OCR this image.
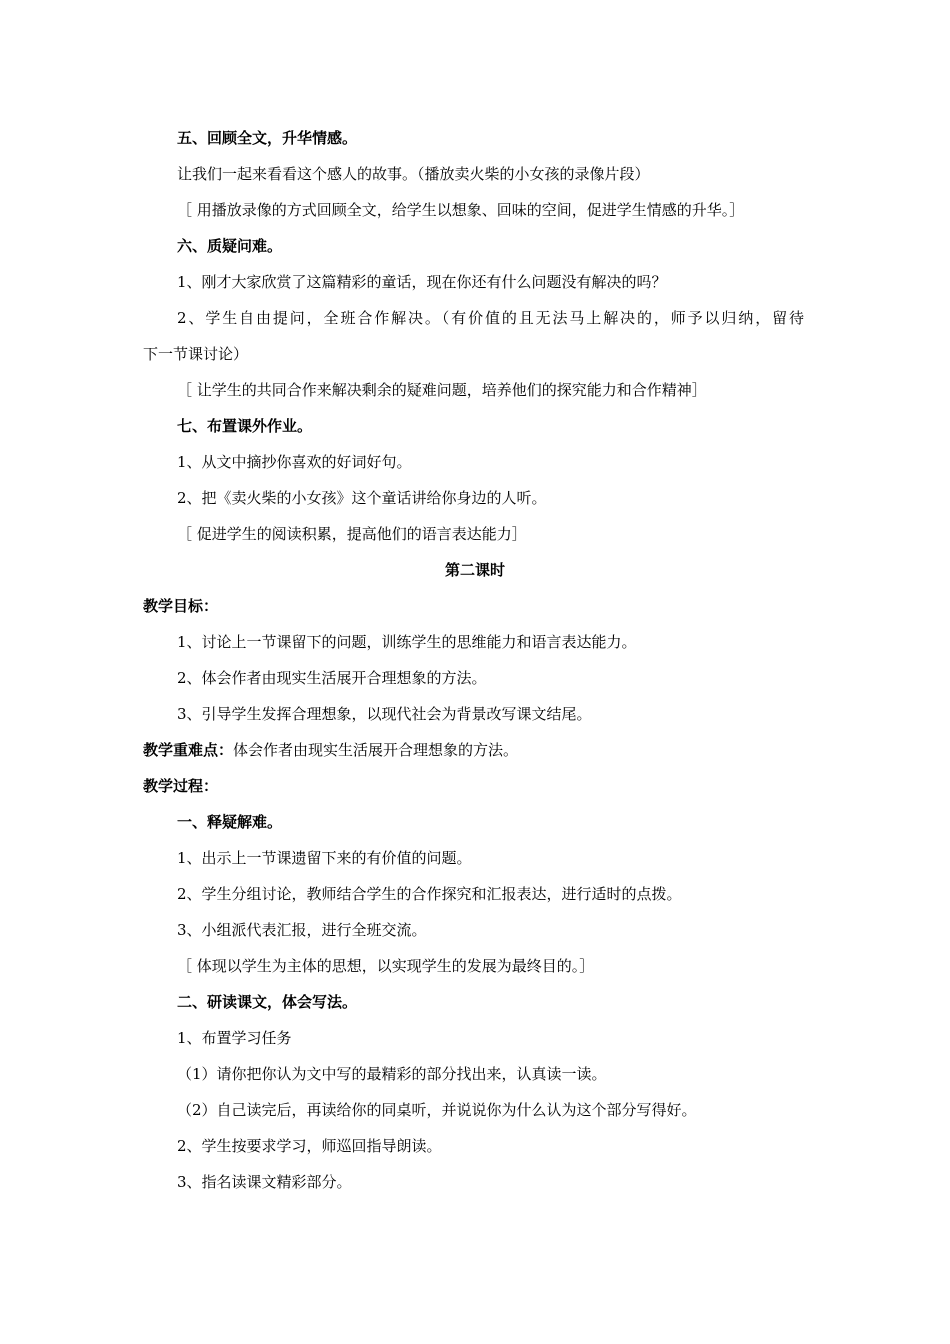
五、回顾全文，升华情感。
让我们一起来看看这个感人的故事。（播放卖火柴的小女孩的录像片段）
［ 用播放录像的方式回顾全文，给学生以想象、回味的空间，促进学生情感的升华。］
六、质疑问难。
1、刚才大家欣赏了这篇精彩的童话，现在你还有什么问题没有解决的吗？
2、学生自由提问，全班合作解决。（有价值的且无法马上解决的，师予以归纳，留待
下一节课讨论）
［ 让学生的共同合作来解决剩余的疑难问题，培养他们的探究能力和合作精神］
七、布置课外作业。
1、从文中摘抄你喜欢的好词好句。
2、把《卖火柴的小女孩》这个童话讲给你身边的人听。
［ 促进学生的阅读积累，提高他们的语言表达能力］
第二课时
教学目标：
1、讨论上一节课留下的问题，训练学生的思维能力和语言表达能力。
2、体会作者由现实生活展开合理想象的方法。
3、引导学生发挥合理想象，以现代社会为背景改写课文结尾。
教学重难点：体会作者由现实生活展开合理想象的方法。
教学过程：
一、释疑解难。
1、出示上一节课遗留下来的有价值的问题。
2、学生分组讨论，教师结合学生的合作探究和汇报表达，进行适时的点拨。
3、小组派代表汇报，进行全班交流。
［ 体现以学生为主体的思想，以实现学生的发展为最终目的。］
二、研读课文，体会写法。
1、布置学习任务
（1）请你把你认为文中写的最精彩的部分找出来，认真读一读。
（2）自己读完后，再读给你的同桌听，并说说你为什么认为这个部分写得好。
2、学生按要求学习，师巡回指导朗读。
3、指名读课文精彩部分。
